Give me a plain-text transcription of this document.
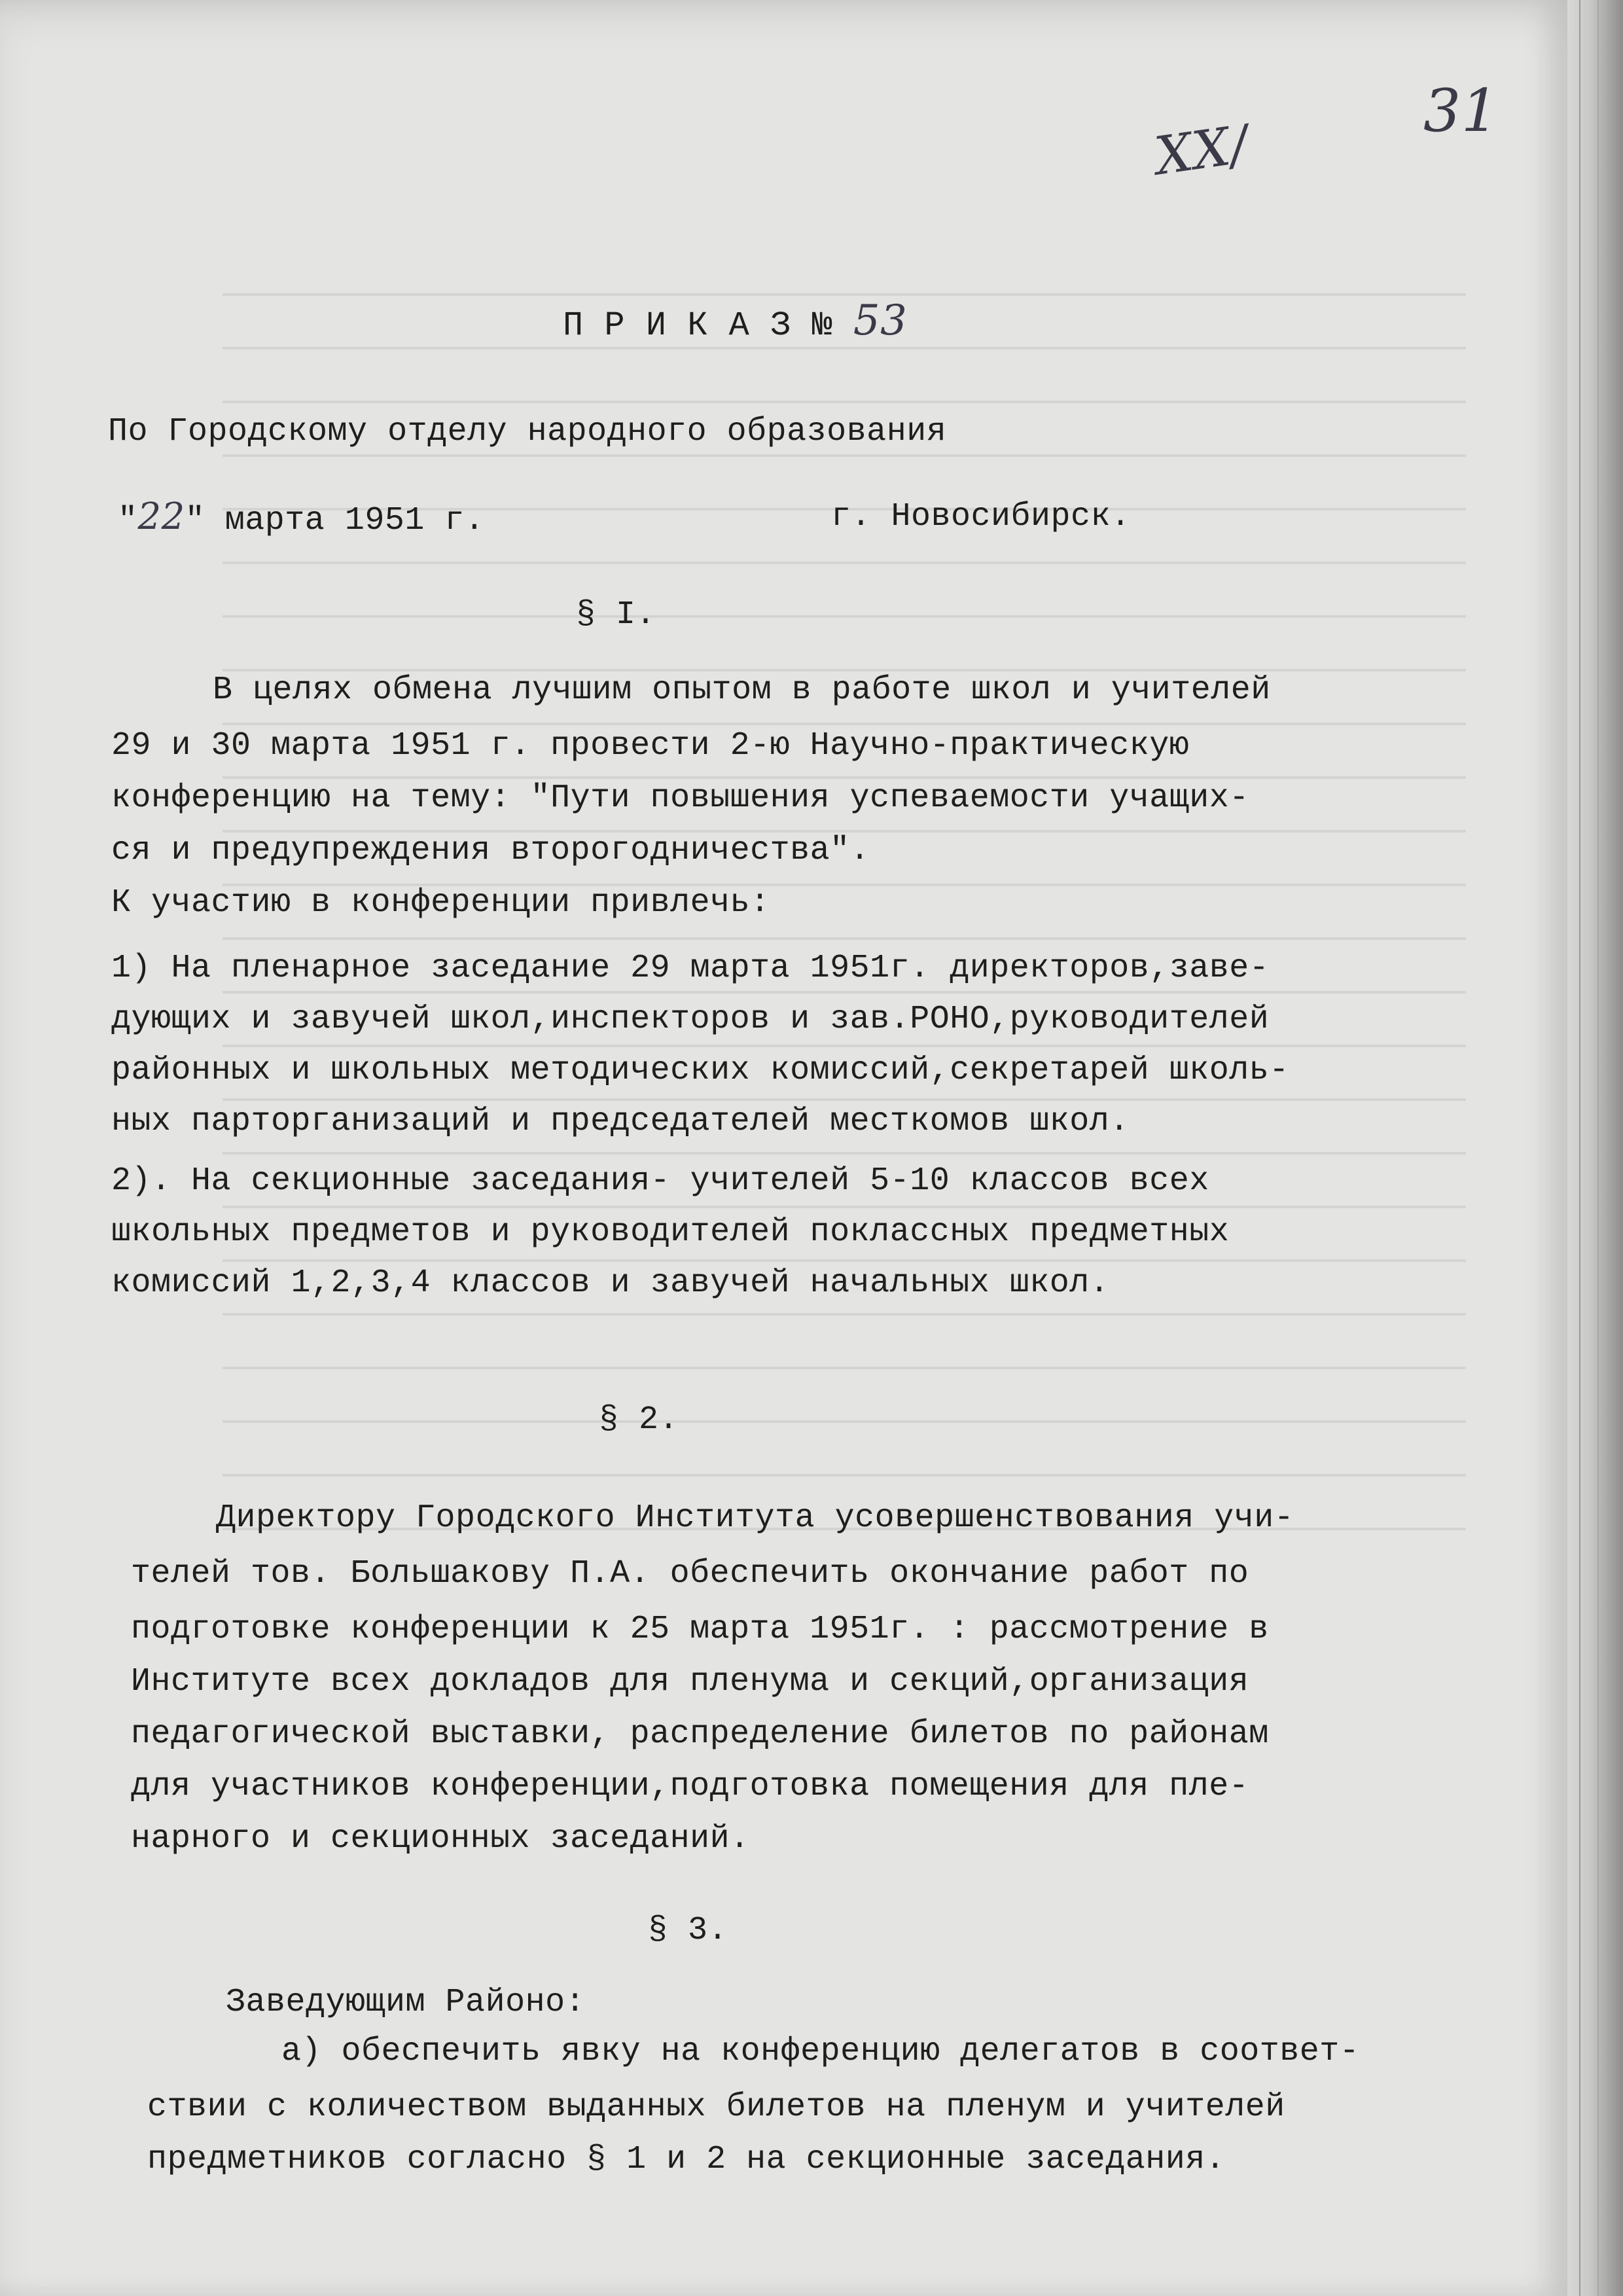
31
XX/
П Р И К А З № 53
По Городскому отделу народного образования
"22" марта 1951 г.	г. Новосибирск.
§ I.
В целях обмена лучшим опытом в работе школ и учителей
29 и 30 марта 1951 г. провести 2-ю Научно-практическую
конференцию на тему: "Пути повышения успеваемости учащих-
ся и предупреждения второгодничества".
К участию в конференции привлечь:
1) На пленарное заседание 29 марта 1951г. директоров,заве-
дующих и завучей школ,инспекторов и зав.РОНО,руководителей
районных и школьных методических комиссий,секретарей школь-
ных парторганизаций и председателей месткомов школ.
2). На секционные заседания- учителей 5-10 классов всех
школьных предметов и руководителей поклассных предметных
комиссий 1,2,3,4 классов и завучей начальных школ.
§ 2.
Директору Городского Института усовершенствования учи-
телей тов. Большакову П.А. обеспечить окончание работ по
подготовке конференции к 25 марта 1951г. : рассмотрение в
Институте всех докладов для пленума и секций,организация
педагогической выставки, распределение билетов по районам
для участников конференции,подготовка помещения для пле-
нарного и секционных заседаний.
§ 3.
Заведующим Районо:
а) обеспечить явку на конференцию делегатов в соответ-
ствии с количеством выданных билетов на пленум и учителей
предметников согласно § 1 и 2 на секционные заседания.
